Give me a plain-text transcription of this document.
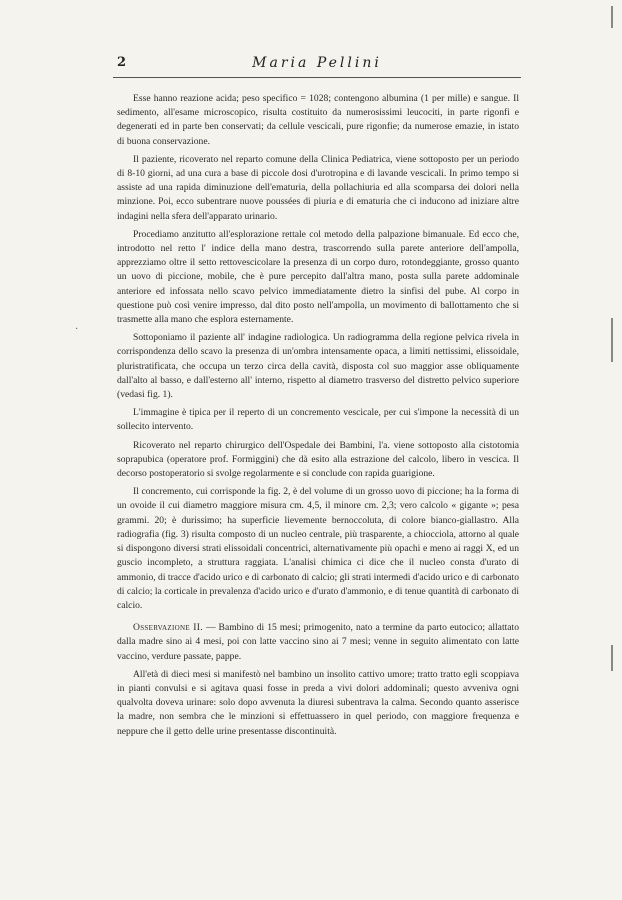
2	Maria Pellini
·

Esse hanno reazione acida; peso specifico = 1028; contengono albumina (1 per mille) e sangue. Il sedimento, all'esame microscopico, risulta costituito da numerosissimi leucociti, in parte rigonfi e degenerati ed in parte ben conservati; da cellule vescicali, pure rigonfie; da numerose emazie, in istato di buona conservazione.

Il paziente, ricoverato nel reparto comune della Clinica Pediatrica, viene sottoposto per un periodo di 8-10 giorni, ad una cura a base di piccole dosi d'urotropina e di lavande vescicali. In primo tempo si assiste ad una rapida diminuzione dell'ematuria, della pollachiuria ed alla scomparsa dei dolori nella minzione. Poi, ecco subentrare nuove poussées di piuria e di ematuria che ci inducono ad iniziare altre indagini nella sfera dell'apparato urinario.

Procediamo anzitutto all'esplorazione rettale col metodo della palpazione bimanuale. Ed ecco che, introdotto nel retto l' indice della mano destra, trascorrendo sulla parete anteriore dell'ampolla, apprezziamo oltre il setto rettovescicolare la presenza di un corpo duro, rotondeggiante, grosso quanto un uovo di piccione, mobile, che è pure percepito dall'altra mano, posta sulla parete addominale anteriore ed infossata nello scavo pelvico immediatamente dietro la sinfisi del pube. Al corpo in questione può così venire impresso, dal dito posto nell'ampolla, un movimento di ballottamento che si trasmette alla mano che esplora esternamente.

Sottoponiamo il paziente all' indagine radiologica. Un radiogramma della regione pelvica rivela in corrispondenza dello scavo la presenza di un'ombra intensamente opaca, a limiti nettissimi, elissoidale, pluristratificata, che occupa un terzo circa della cavità, disposta col suo maggior asse obliquamente dall'alto al basso, e dall'esterno all' interno, rispetto al diametro trasverso del distretto pelvico superiore (vedasi fig. 1).

L'immagine è tipica per il reperto di un concremento vescicale, per cui s'impone la necessità di un sollecito intervento.

Ricoverato nel reparto chirurgico dell'Ospedale dei Bambini, l'a. viene sottoposto alla cistotomia soprapubica (operatore prof. Formiggini) che dà esito alla estrazione del calcolo, libero in vescica. Il decorso postoperatorio si svolge regolarmente e si conclude con rapida guarigione.

Il concremento, cui corrisponde la fig. 2, è del volume di un grosso uovo di piccione; ha la forma di un ovoide il cui diametro maggiore misura cm. 4,5, il minore cm. 2,3; vero calcolo « gigante »; pesa grammi. 20; è durissimo; ha superficie lievemente bernoccoluta, di colore bianco-giallastro. Alla radiografia (fig. 3) risulta composto di un nucleo centrale, più trasparente, a chiocciola, attorno al quale si dispongono diversi strati elissoidali concentrici, alternativamente più opachi e meno ai raggi X, ed un guscio incompleto, a struttura raggiata. L'analisi chimica ci dice che il nucleo consta d'urato di ammonio, di tracce d'acido urico e di carbonato di calcio; gli strati intermedi d'acido urico e di carbonato di calcio; la corticale in prevalenza d'acido urico e d'urato d'ammonio, e di tenue quantità di carbonato di calcio.

Osservazione II. — Bambino di 15 mesi; primogenito, nato a termine da parto eutocico; allattato dalla madre sino ai 4 mesi, poi con latte vaccino sino ai 7 mesi; venne in seguito alimentato con latte vaccino, verdure passate, pappe.

All'età di dieci mesi si manifestò nel bambino un insolito cattivo umore; tratto tratto egli scoppiava in pianti convulsi e si agitava quasi fosse in preda a vivi dolori addominali; questo avveniva ogni qualvolta doveva urinare: solo dopo avvenuta la diuresi subentrava la calma. Secondo quanto asserisce la madre, non sembra che le minzioni si effettuassero in quel periodo, con maggiore frequenza e neppure che il getto delle urine presentasse discontinuità.
